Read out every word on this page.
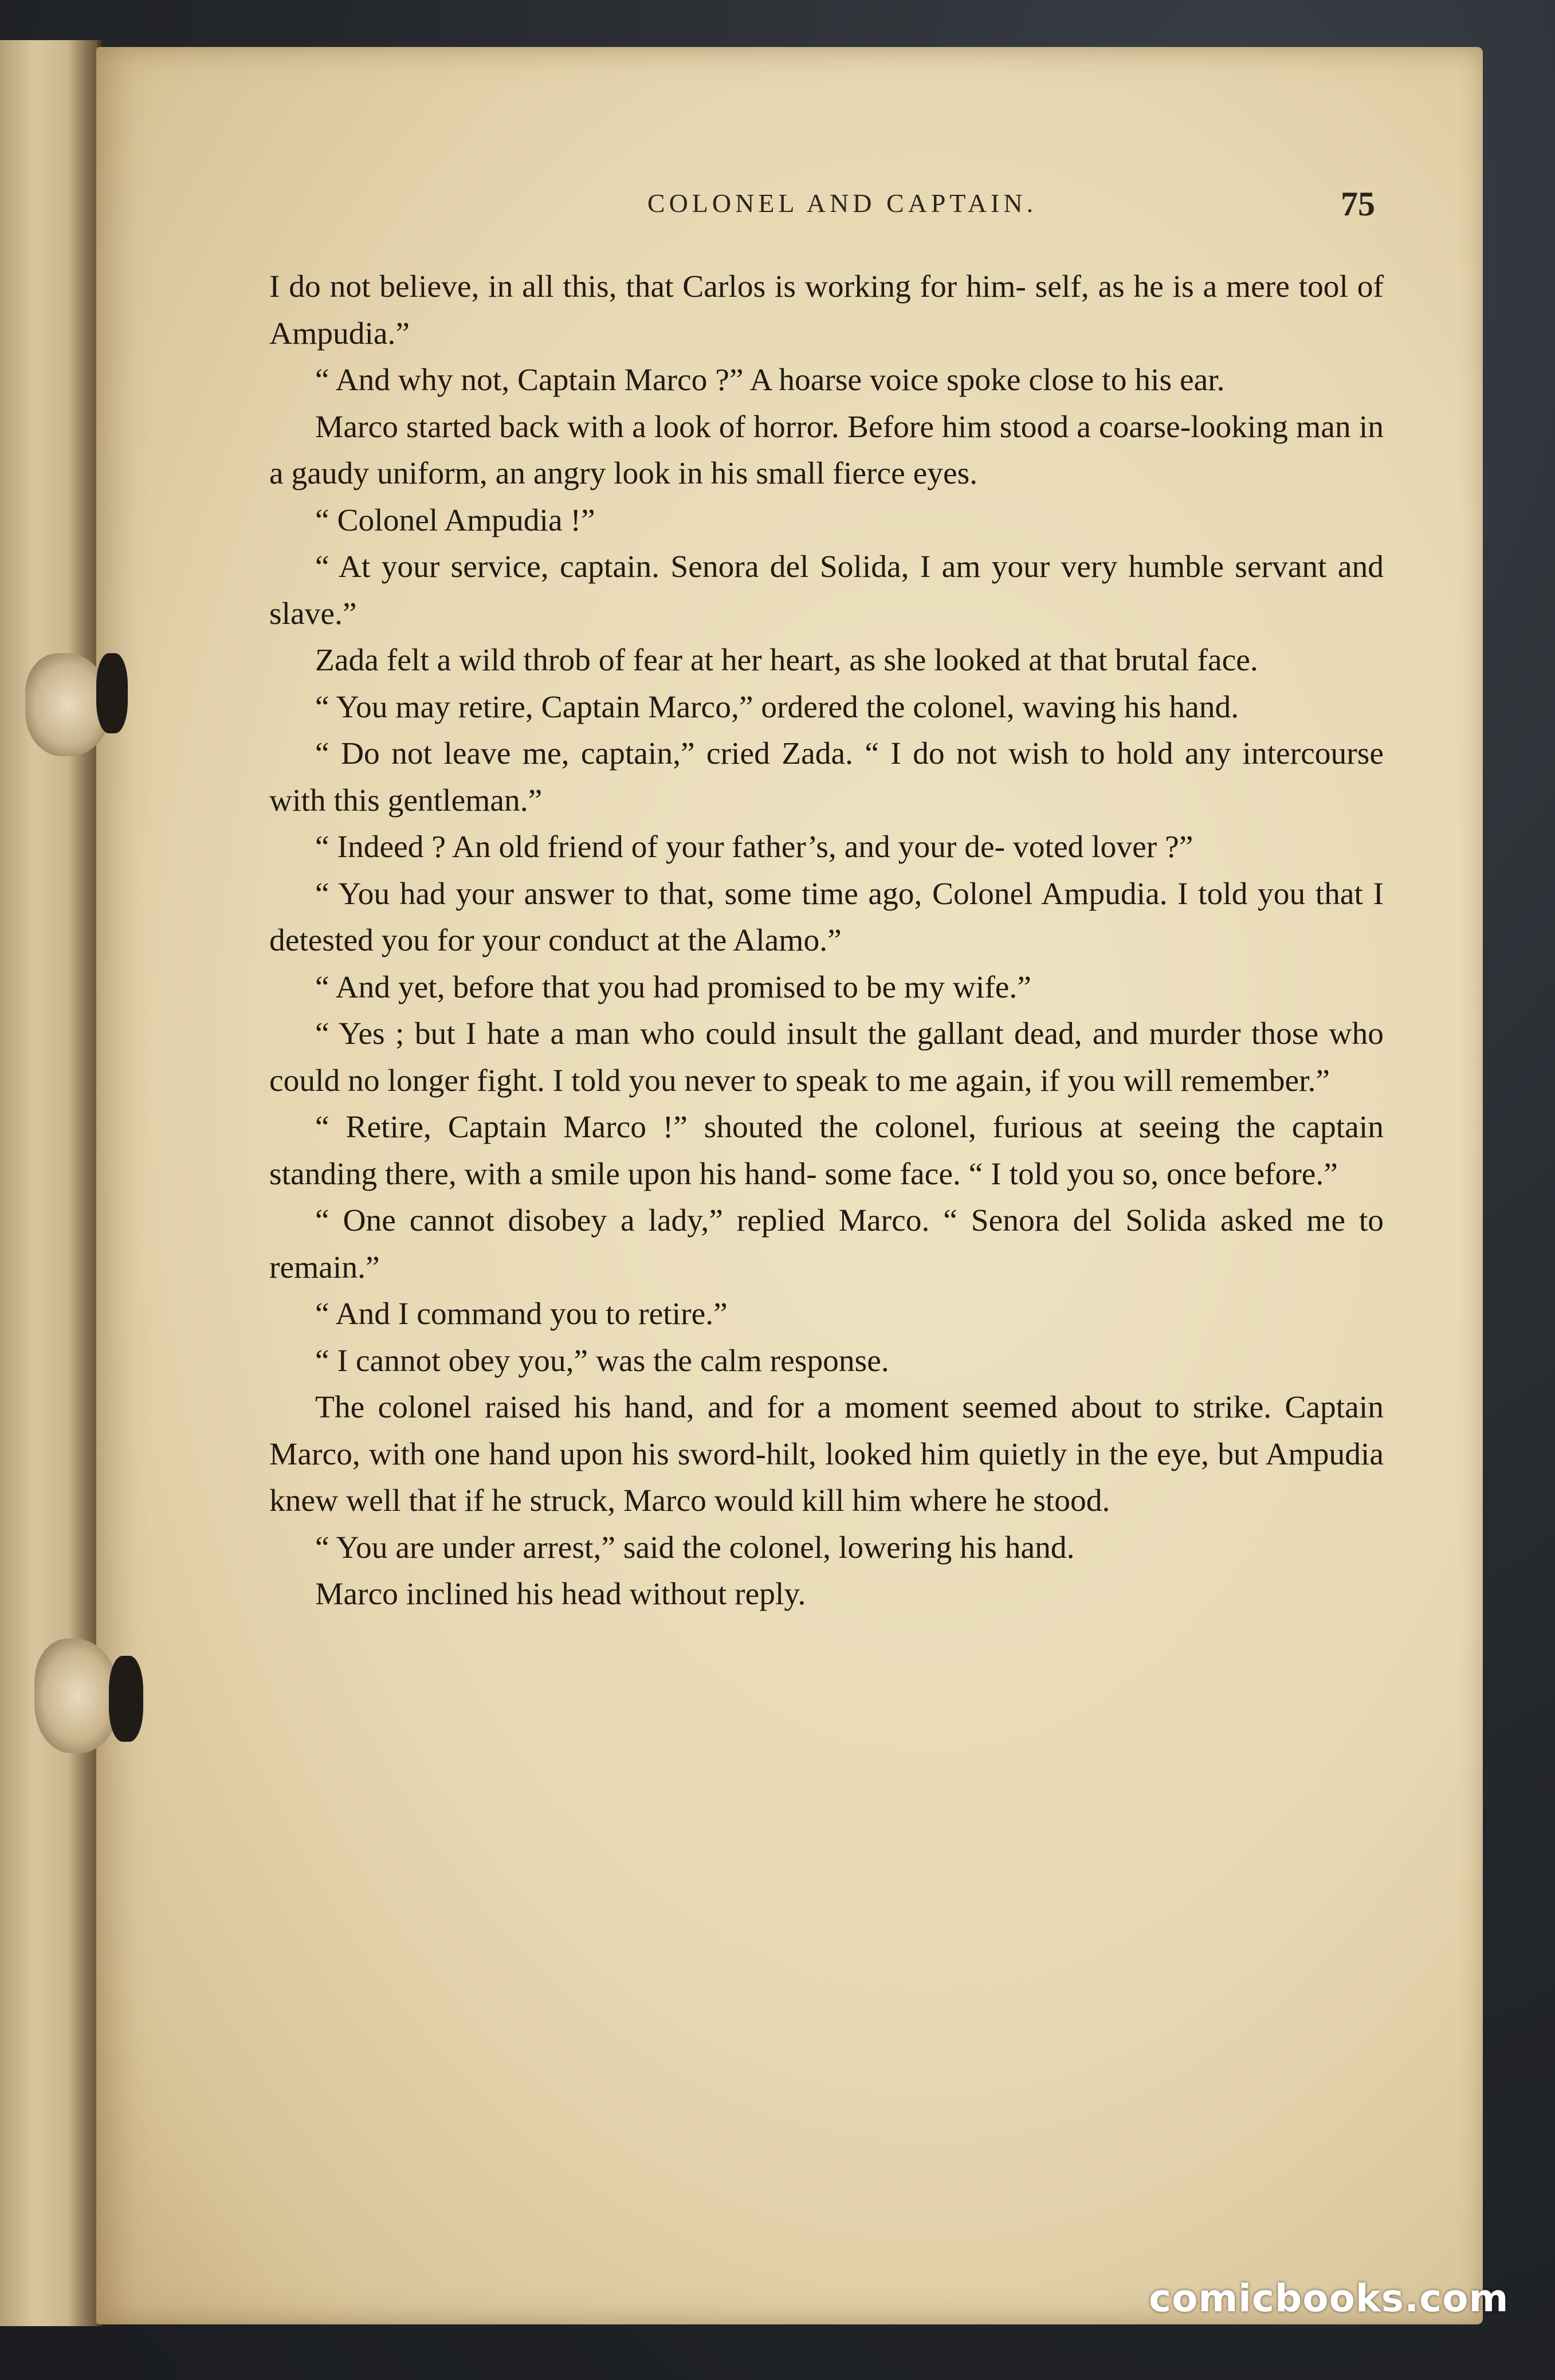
COLONEL AND CAPTAIN.	75

I do not believe, in all this, that Carlos is working for him- self, as he is a mere tool of Ampudia.”

“ And why not, Captain Marco ?” A hoarse voice spoke close to his ear.

Marco started back with a look of horror. Before him stood a coarse-looking man in a gaudy uniform, an angry look in his small fierce eyes.

“ Colonel Ampudia !”

“ At your service, captain. Senora del Solida, I am your very humble servant and slave.”

Zada felt a wild throb of fear at her heart, as she looked at that brutal face.

“ You may retire, Captain Marco,” ordered the colonel, waving his hand.

“ Do not leave me, captain,” cried Zada. “ I do not wish to hold any intercourse with this gentleman.”

“ Indeed ? An old friend of your father’s, and your de- voted lover ?”

“ You had your answer to that, some time ago, Colonel Ampudia. I told you that I detested you for your conduct at the Alamo.”

“ And yet, before that you had promised to be my wife.”

“ Yes ; but I hate a man who could insult the gallant dead, and murder those who could no longer fight. I told you never to speak to me again, if you will remember.”

“ Retire, Captain Marco !” shouted the colonel, furious at seeing the captain standing there, with a smile upon his hand- some face. “ I told you so, once before.”

“ One cannot disobey a lady,” replied Marco. “ Senora del Solida asked me to remain.”

“ And I command you to retire.”

“ I cannot obey you,” was the calm response.

The colonel raised his hand, and for a moment seemed about to strike. Captain Marco, with one hand upon his sword-hilt, looked him quietly in the eye, but Ampudia knew well that if he struck, Marco would kill him where he stood.

“ You are under arrest,” said the colonel, lowering his hand.

Marco inclined his head without reply.

comicbooks.com
